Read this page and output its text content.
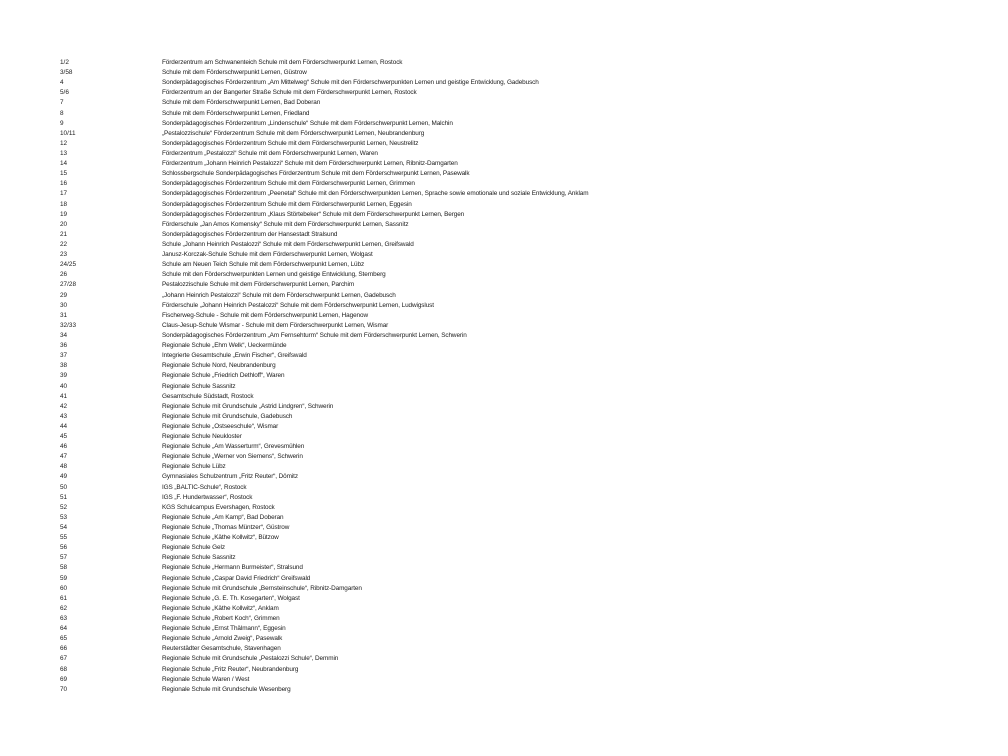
1/2	Förderzentrum am Schwanenteich Schule mit dem Förderschwerpunkt Lernen, Rostock
3/58	Schule mit dem Förderschwerpunkt Lernen, Güstrow
4	Sonderpädagogisches Förderzentrum „Am Mittelweg“ Schule mit den Förderschwerpunkten Lernen und geistige Entwicklung, Gadebusch
5/6	Förderzentrum an der Bangerter Straße Schule mit dem Förderschwerpunkt Lernen, Rostock
7	Schule mit dem Förderschwerpunkt Lernen, Bad Doberan
8	Schule mit dem Förderschwerpunkt Lernen, Friedland
9	Sonderpädagogisches Förderzentrum „Lindenschule“ Schule mit dem Förderschwerpunkt Lernen, Malchin
10/11	„Pestalozzischule“ Förderzentrum Schule mit dem Förderschwerpunkt Lernen, Neubrandenburg
12	Sonderpädagogisches Förderzentrum Schule mit dem Förderschwerpunkt Lernen, Neustrelitz
13	Förderzentrum „Pestalozzi“ Schule mit dem Förderschwerpunkt Lernen, Waren
14	Förderzentrum „Johann Heinrich Pestalozzi“ Schule mit dem Förderschwerpunkt Lernen, Ribnitz-Damgarten
15	Schlossbergschule Sonderpädagogisches Förderzentrum Schule mit dem Förderschwerpunkt Lernen, Pasewalk
16	Sonderpädagogisches Förderzentrum Schule mit dem Förderschwerpunkt Lernen, Grimmen
17	Sonderpädagogisches Förderzentrum „Peenetal“ Schule mit den Förderschwerpunkten Lernen, Sprache sowie emotionale und soziale Entwicklung, Anklam
18	Sonderpädagogisches Förderzentrum Schule mit dem Förderschwerpunkt Lernen, Eggesin
19	Sonderpädagogisches Förderzentrum „Klaus Störtebeker“ Schule mit dem Förderschwerpunkt Lernen, Bergen
20	Förderschule „Jan Amos Komensky“ Schule mit dem Förderschwerpunkt Lernen, Sassnitz
21	Sonderpädagogisches Förderzentrum der Hansestadt Stralsund
22	Schule „Johann Heinrich Pestalozzi“ Schule mit dem Förderschwerpunkt Lernen, Greifswald
23	Janusz-Korczak-Schule Schule mit dem Förderschwerpunkt Lernen, Wolgast
24/25	Schule am Neuen Teich Schule mit dem Förderschwerpunkt Lernen, Lübz
26	Schule mit den Förderschwerpunkten Lernen und geistige Entwicklung, Sternberg
27/28	Pestalozzischule Schule mit dem Förderschwerpunkt Lernen, Parchim
29	„Johann Heinrich Pestalozzi“ Schule mit dem Förderschwerpunkt Lernen, Gadebusch
30	Förderschule „Johann Heinrich Pestalozzi“ Schule mit dem Förderschwerpunkt Lernen, Ludwigslust
31	Fischerweg-Schule - Schule mit dem Förderschwerpunkt Lernen, Hagenow
32/33	Claus-Jesup-Schule Wismar - Schule mit dem Förderschwerpunkt Lernen, Wismar
34	Sonderpädagogisches Förderzentrum „Am Fernsehturm“ Schule mit dem Förderschwerpunkt Lernen, Schwerin
36	Regionale Schule „Ehm Welk“, Ueckermünde
37	Integrierte Gesamtschule „Erwin Fischer“, Greifswald
38	Regionale Schule Nord, Neubrandenburg
39	Regionale Schule „Friedrich Dethloff“, Waren
40	Regionale Schule Sassnitz
41	Gesamtschule Südstadt, Rostock
42	Regionale Schule mit Grundschule „Astrid Lindgren“, Schwerin
43	Regionale Schule mit Grundschule, Gadebusch
44	Regionale Schule „Ostseeschule“, Wismar
45	Regionale Schule Neukloster
46	Regionale Schule „Am Wasserturm“, Grevesmühlen
47	Regionale Schule „Werner von Siemens“, Schwerin
48	Regionale Schule Lübz
49	Gymnasiales Schulzentrum „Fritz Reuter“, Dömitz
50	IGS „BALTIC-Schule“, Rostock
51	IGS „F. Hundertwasser“, Rostock
52	KGS Schulcampus Evershagen, Rostock
53	Regionale Schule „Am Kamp“, Bad Doberan
54	Regionale Schule „Thomas Müntzer“, Güstrow
55	Regionale Schule „Käthe Kollwitz“, Bützow
56	Regionale Schule Gelz
57	Regionale Schule Sassnitz
58	Regionale Schule „Hermann Burmeister“, Stralsund
59	Regionale Schule „Caspar David Friedrich“ Greifswald
60	Regionale Schule mit Grundschule „Bernsteinschule“, Ribnitz-Damgarten
61	Regionale Schule „G. E. Th. Kosegarten“, Wolgast
62	Regionale Schule „Käthe Kollwitz“, Anklam
63	Regionale Schule „Robert Koch“, Grimmen
64	Regionale Schule „Ernst Thälmann“, Eggesin
65	Regionale Schule „Arnold Zweig“, Pasewalk
66	Reuterstädter Gesamtschule, Stavenhagen
67	Regionale Schule mit Grundschule „Pestalozzi Schule“, Demmin
68	Regionale Schule „Fritz Reuter“, Neubrandenburg
69	Regionale Schule Waren / West
70	Regionale Schule mit Grundschule Wesenberg
